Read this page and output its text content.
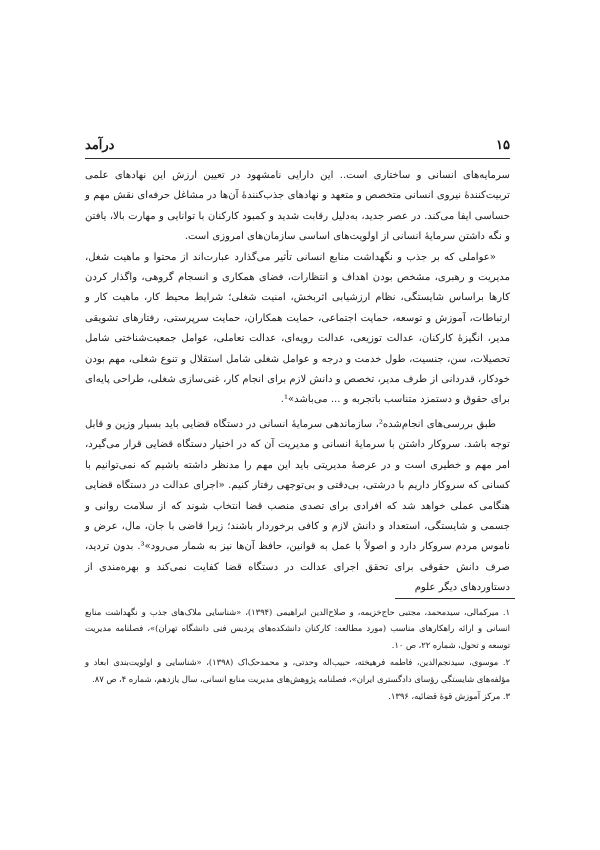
۱۵
درآمد

سرمایه‌های انسانی و ساختاری است.. این دارایی نامشهود در تعیین ارزش این نهادهای علمی تربیت‌کنندهٔ نیروی انسانی متخصص و متعهد و نهادهای جذب‌کنندهٔ آن‌ها در مشاغل حرفه‌ای نقش مهم و حساسی ایفا می‌کند. در عصر جدید، به‌دلیل رقابت شدید و کمبود کارکنان با توانایی و مهارت بالا، یافتن و نگه داشتن سرمایهٔ انسانی از اولویت‌های اساسی سازمان‌های امروزی است.

«عواملی که بر جذب و نگهداشت منابع انسانی تأثیر می‌گذارد عبارت‌اند از محتوا و ماهیت شغل، مدیریت و رهبری، مشخص بودن اهداف و انتظارات، فضای همکاری و انسجام گروهی، واگذار کردن کارها براساس شایستگی، نظام ارزشیابی اثربخش، امنیت شغلی؛ شرایط محیط کار، ماهیت کار و ارتباطات، آموزش و توسعه، حمایت اجتماعی، حمایت همکاران، حمایت سرپرستی، رفتارهای تشویقی مدیر، انگیزهٔ کارکنان، عدالت توزیعی، عدالت رویه‌ای، عدالت تعاملی، عوامل جمعیت‌شناختی شامل تحصیلات، سن، جنسیت، طول خدمت و درجه و عوامل شغلی شامل استقلال و تنوع شغلی، مهم بودن خودکار، قدردانی از طرف مدیر، تخصص و دانش لازم برای انجام کار، غنی‌سازی شغلی، طراحی پایه‌ای برای حقوق و دستمزد متناسب باتجربه و ... می‌باشد»¹.

طبق بررسی‌های انجام‌شده²، سازماندهی سرمایهٔ انسانی در دستگاه قضایی باید بسیار وزین و قابل توجه باشد. سروکار داشتن با سرمایهٔ انسانی و مدیریت آن که در اختیار دستگاه قضایی قرار می‌گیرد، امر مهم و خطیری است و در عرصهٔ مدیریتی باید این مهم را مدنظر داشته باشیم که نمی‌توانیم با کسانی که سروکار داریم با درشتی، بی‌دقتی و بی‌توجهی رفتار کنیم. «اجرای عدالت در دستگاه قضایی هنگامی عملی خواهد شد که افرادی برای تصدی منصب قضا انتخاب شوند که از سلامت روانی و جسمی و شایستگی، استعداد و دانش لازم و کافی برخوردار باشند؛ زیرا قاضی با جان، مال، عرض و ناموس مردم سروکار دارد و اصولاً با عمل به قوانین، حافظ آن‌ها نیز به شمار می‌رود»³. بدون تردید، صرف دانش حقوقی برای تحقق اجرای عدالت در دستگاه قضا کفایت نمی‌کند و بهره‌مندی از دستاوردهای دیگر علوم

۱. میرکمالی، سیدمحمد، مجتبی حاج‌خزیمه، و صلاح‌الدین ابراهیمی (۱۳۹۴)، «شناسایی ملاک‌های جذب و نگهداشت منابع انسانی و ارائه راهکارهای مناسب (مورد مطالعه: کارکنان دانشکده‌های پردیس فنی دانشگاه تهران)»، فصلنامه مدیریت توسعه و تحول، شماره ۲۲، ص ۱۰.

۲. موسوی، سیدنجم‌الدین، فاطمه فرهیخته، حبیب‌اله وحدتی، و محمدحک‌اک (۱۳۹۸)، «شناسایی و اولویت‌بندی ابعاد و مؤلفه‌های شایستگی رؤسای دادگستری ایران»، فصلنامه پژوهش‌های مدیریت منابع انسانی، سال یازدهم، شماره ۴، ص ۸۷.

۳. مرکز آموزش قوهٔ قضائیه، ۱۳۹۶.
